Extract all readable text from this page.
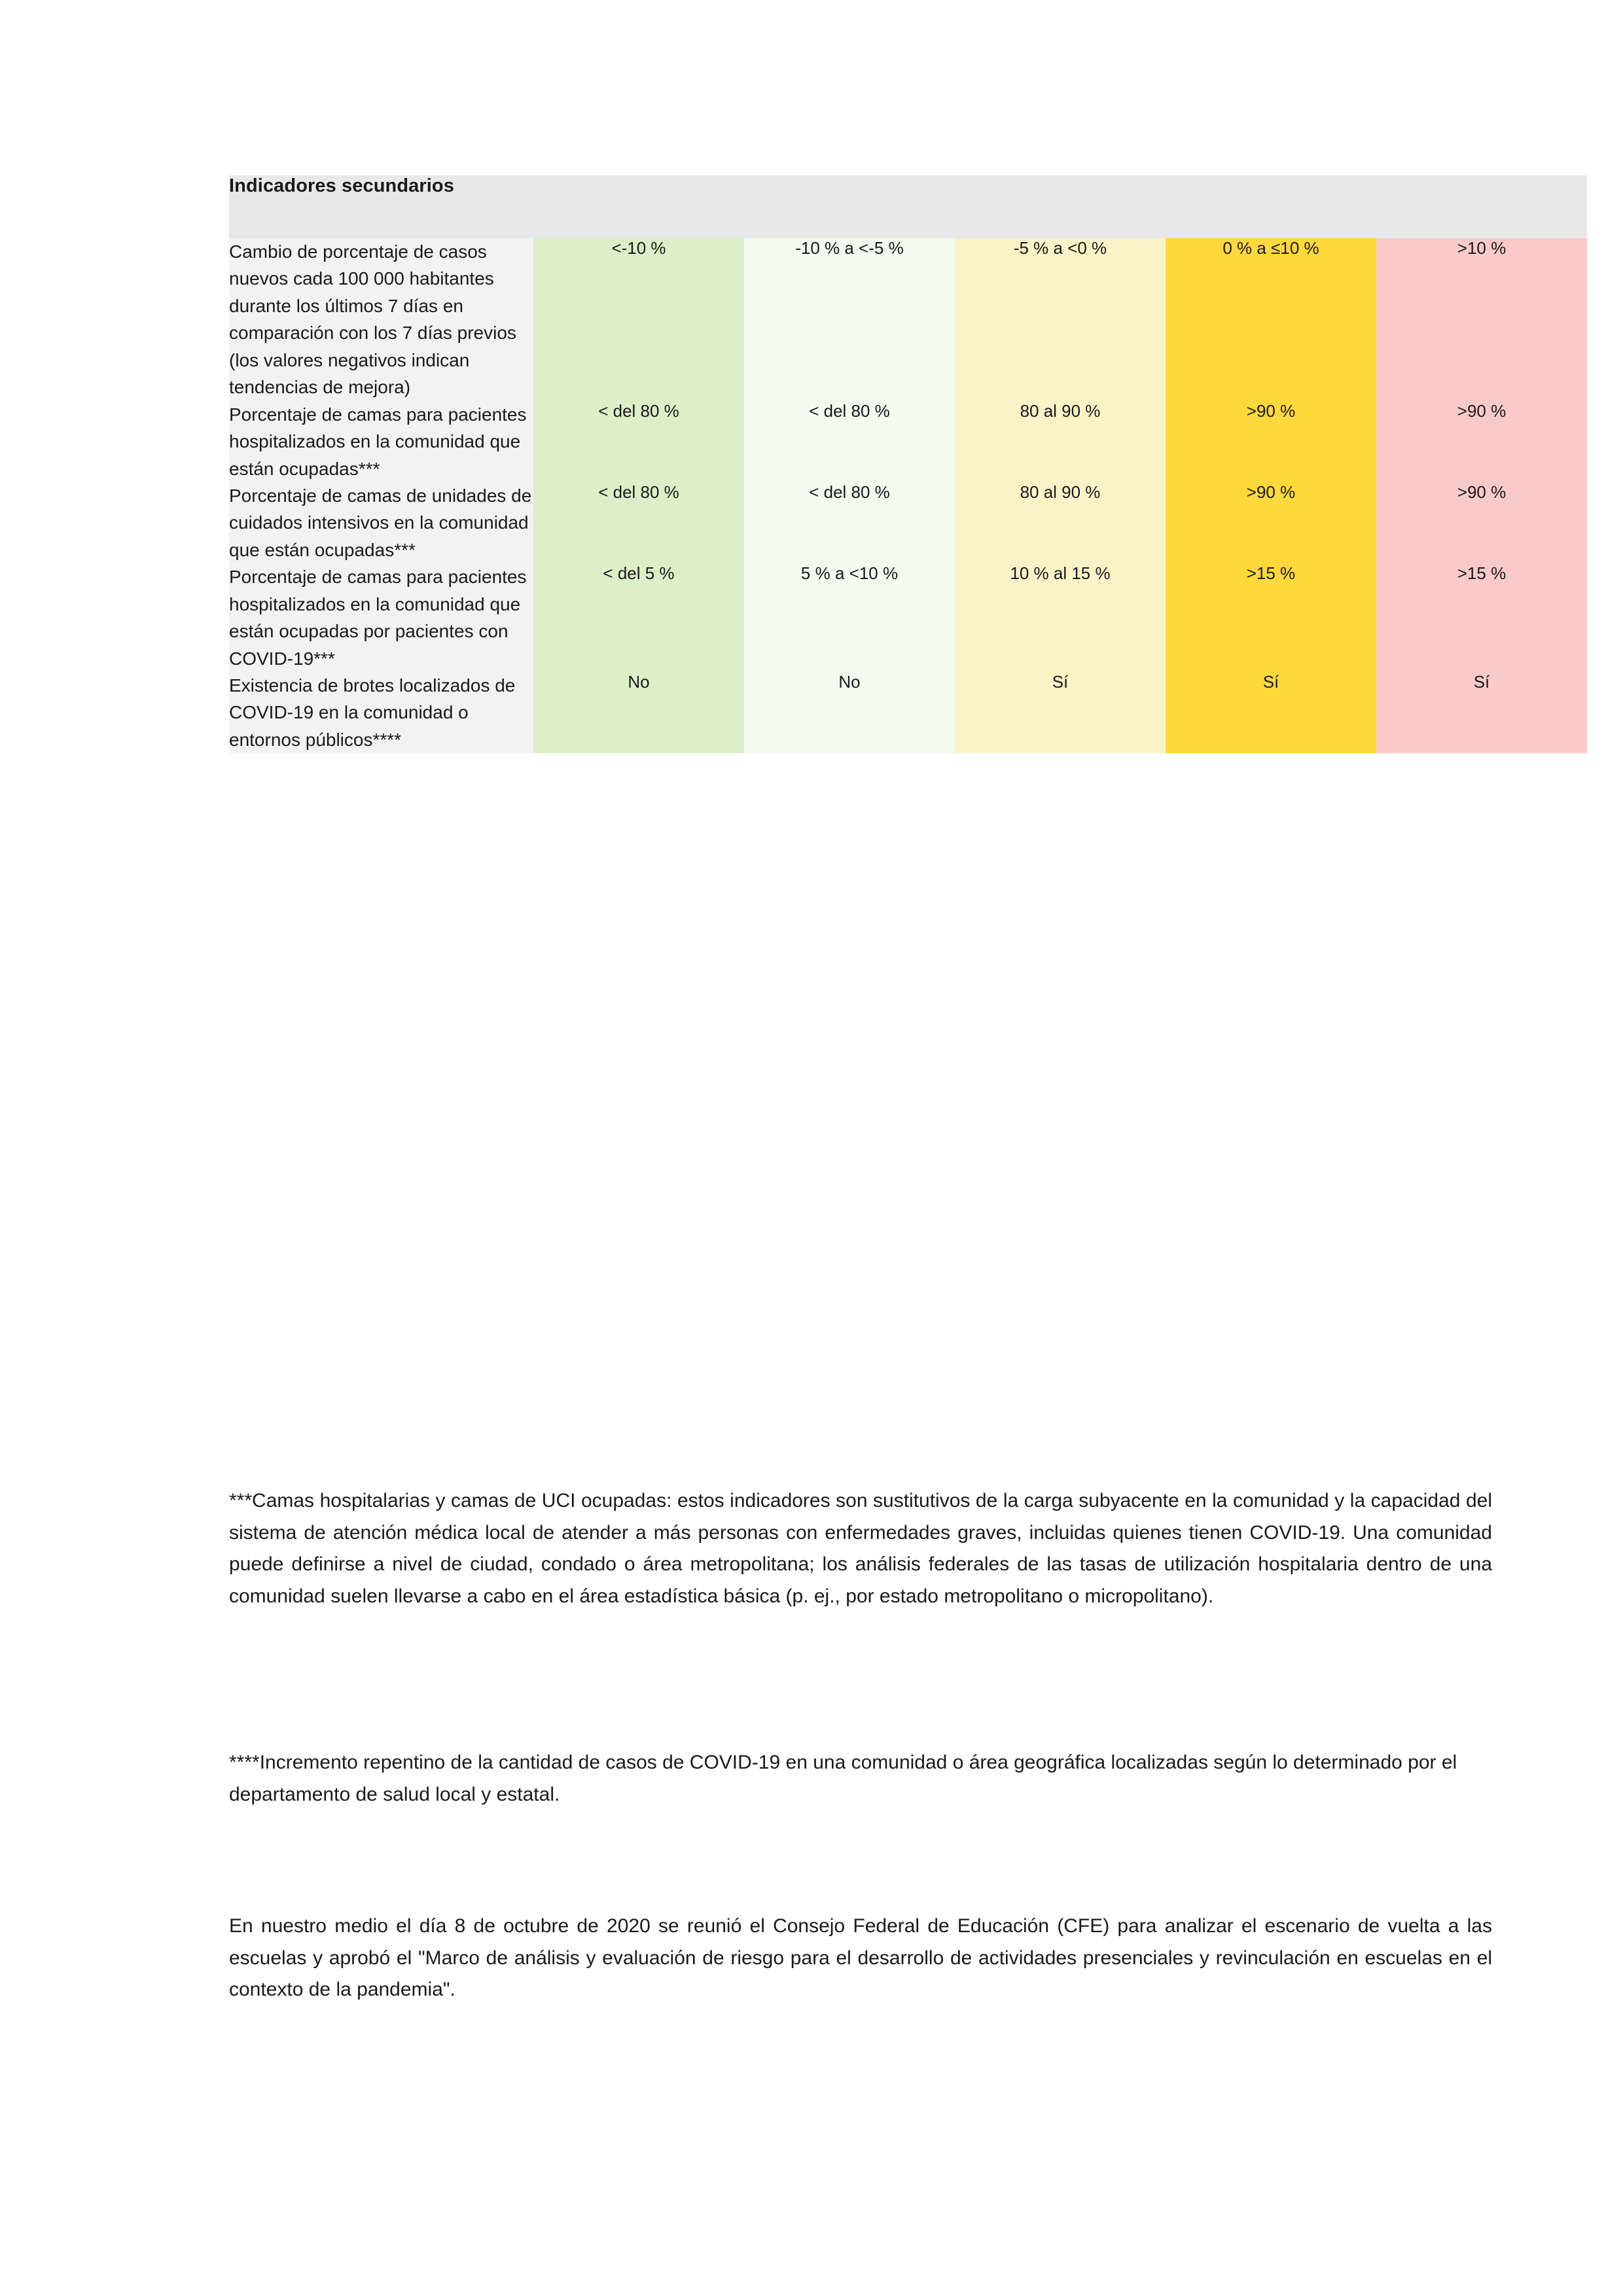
Indicadores secundarios					
Cambio de porcentaje de casos nuevos cada 100 000 habitantes durante los últimos 7 días en comparación con los 7 días previos (los valores negativos indican tendencias de mejora)	<-10 %	-10 % a <-5 %	-5 % a <0 %	0 % a ≤10 %	>10 %
Porcentaje de camas para pacientes hospitalizados en la comunidad que están ocupadas***	< del 80 %	< del 80 %	80 al 90 %	>90 %	>90 %
Porcentaje de camas de unidades de cuidados intensivos en la comunidad que están ocupadas***	< del 80 %	< del 80 %	80 al 90 %	>90 %	>90 %
Porcentaje de camas para pacientes hospitalizados en la comunidad que están ocupadas por pacientes con COVID-19***	< del 5 %	5 % a <10 %	10 % al 15 %	>15 %	>15 %
Existencia de brotes localizados de COVID-19 en la comunidad o entornos públicos****	No	No	Sí	Sí	Sí

***Camas hospitalarias y camas de UCI ocupadas: estos indicadores son sustitutivos de la carga subyacente en la comunidad y la capacidad del sistema de atención médica local de atender a más personas con enfermedades graves, incluidas quienes tienen COVID-19. Una comunidad puede definirse a nivel de ciudad, condado o área metropolitana; los análisis federales de las tasas de utilización hospitalaria dentro de una comunidad suelen llevarse a cabo en el área estadística básica (p. ej., por estado metropolitano o micropolitano).

****Incremento repentino de la cantidad de casos de COVID-19 en una comunidad o área geográfica localizadas según lo determinado por el departamento de salud local y estatal.

En nuestro medio el día 8 de octubre de 2020 se reunió el Consejo Federal de Educación (CFE) para analizar el escenario de vuelta a las escuelas y aprobó el "Marco de análisis y evaluación de riesgo para el desarrollo de actividades presenciales y revinculación en escuelas en el contexto de la pandemia".
